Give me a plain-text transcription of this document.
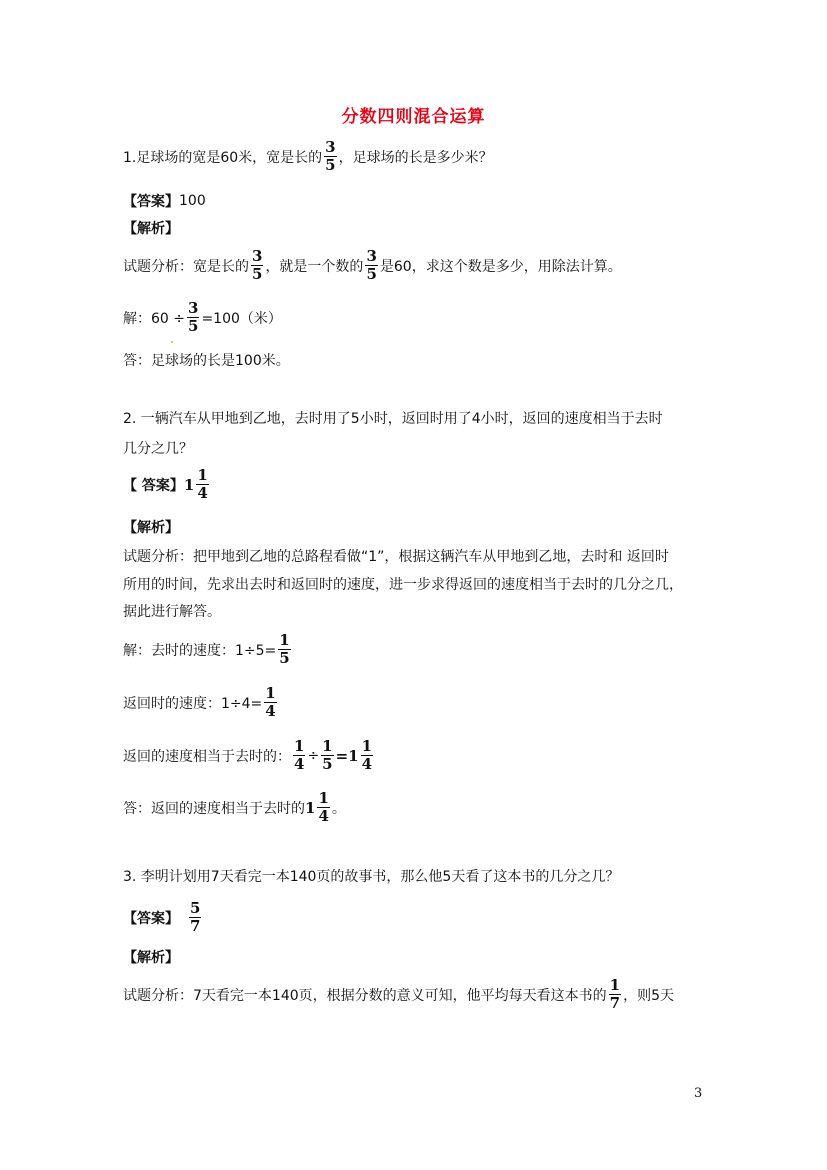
分数四则混合运算
1.足球场的宽是60米，宽是长的 $\frac{3}{5}$ ，足球场的长是多少米？
【答案】 100
【解析】
试题分析：宽是长的 $\frac{3}{5}$ ，就是一个数的 $\frac{3}{5}$ 是60，求这个数是多少，用除法计算。
解：$60 \div \frac{3}{5} =100$（米）
答：足球场的长是100米。
2. 一辆汽车从甲地到乙地，去时用了5小时，返回时用了4小时，返回的速度相当于去时
几分之几？
【 答案】 $1 \frac{1}{4}$
【解析】
试题分析：把甲地到乙地的总路程看做“1”，根据这辆汽车从甲地到乙地，去时和 返回时
所用的时间，先求出去时和返回时的速度，进一步求得返回的速度相当于去时的几分之几，
据此进行解答。
解：去时的速度：$1\div 5= \frac{1}{5}$
返回时的速度：$1\div 4= \frac{1}{4}$
返回的速度相当于去时的： $\frac{1}{4} \div \frac{1}{5} =1 \frac{1}{4}$
答：返回的速度相当于去时的 $1 \frac{1}{4}$ 。
3. 李明计划用7天看完一本140页的故事书，那么他5天看了这本书的几分之几？
【答案】 $\frac{5}{7}$
【解析】
试题分析：7天看完一本140页，根据分数的意义可知，他平均每天看这本书的 $\frac{1}{7}$ ，则5天
3
